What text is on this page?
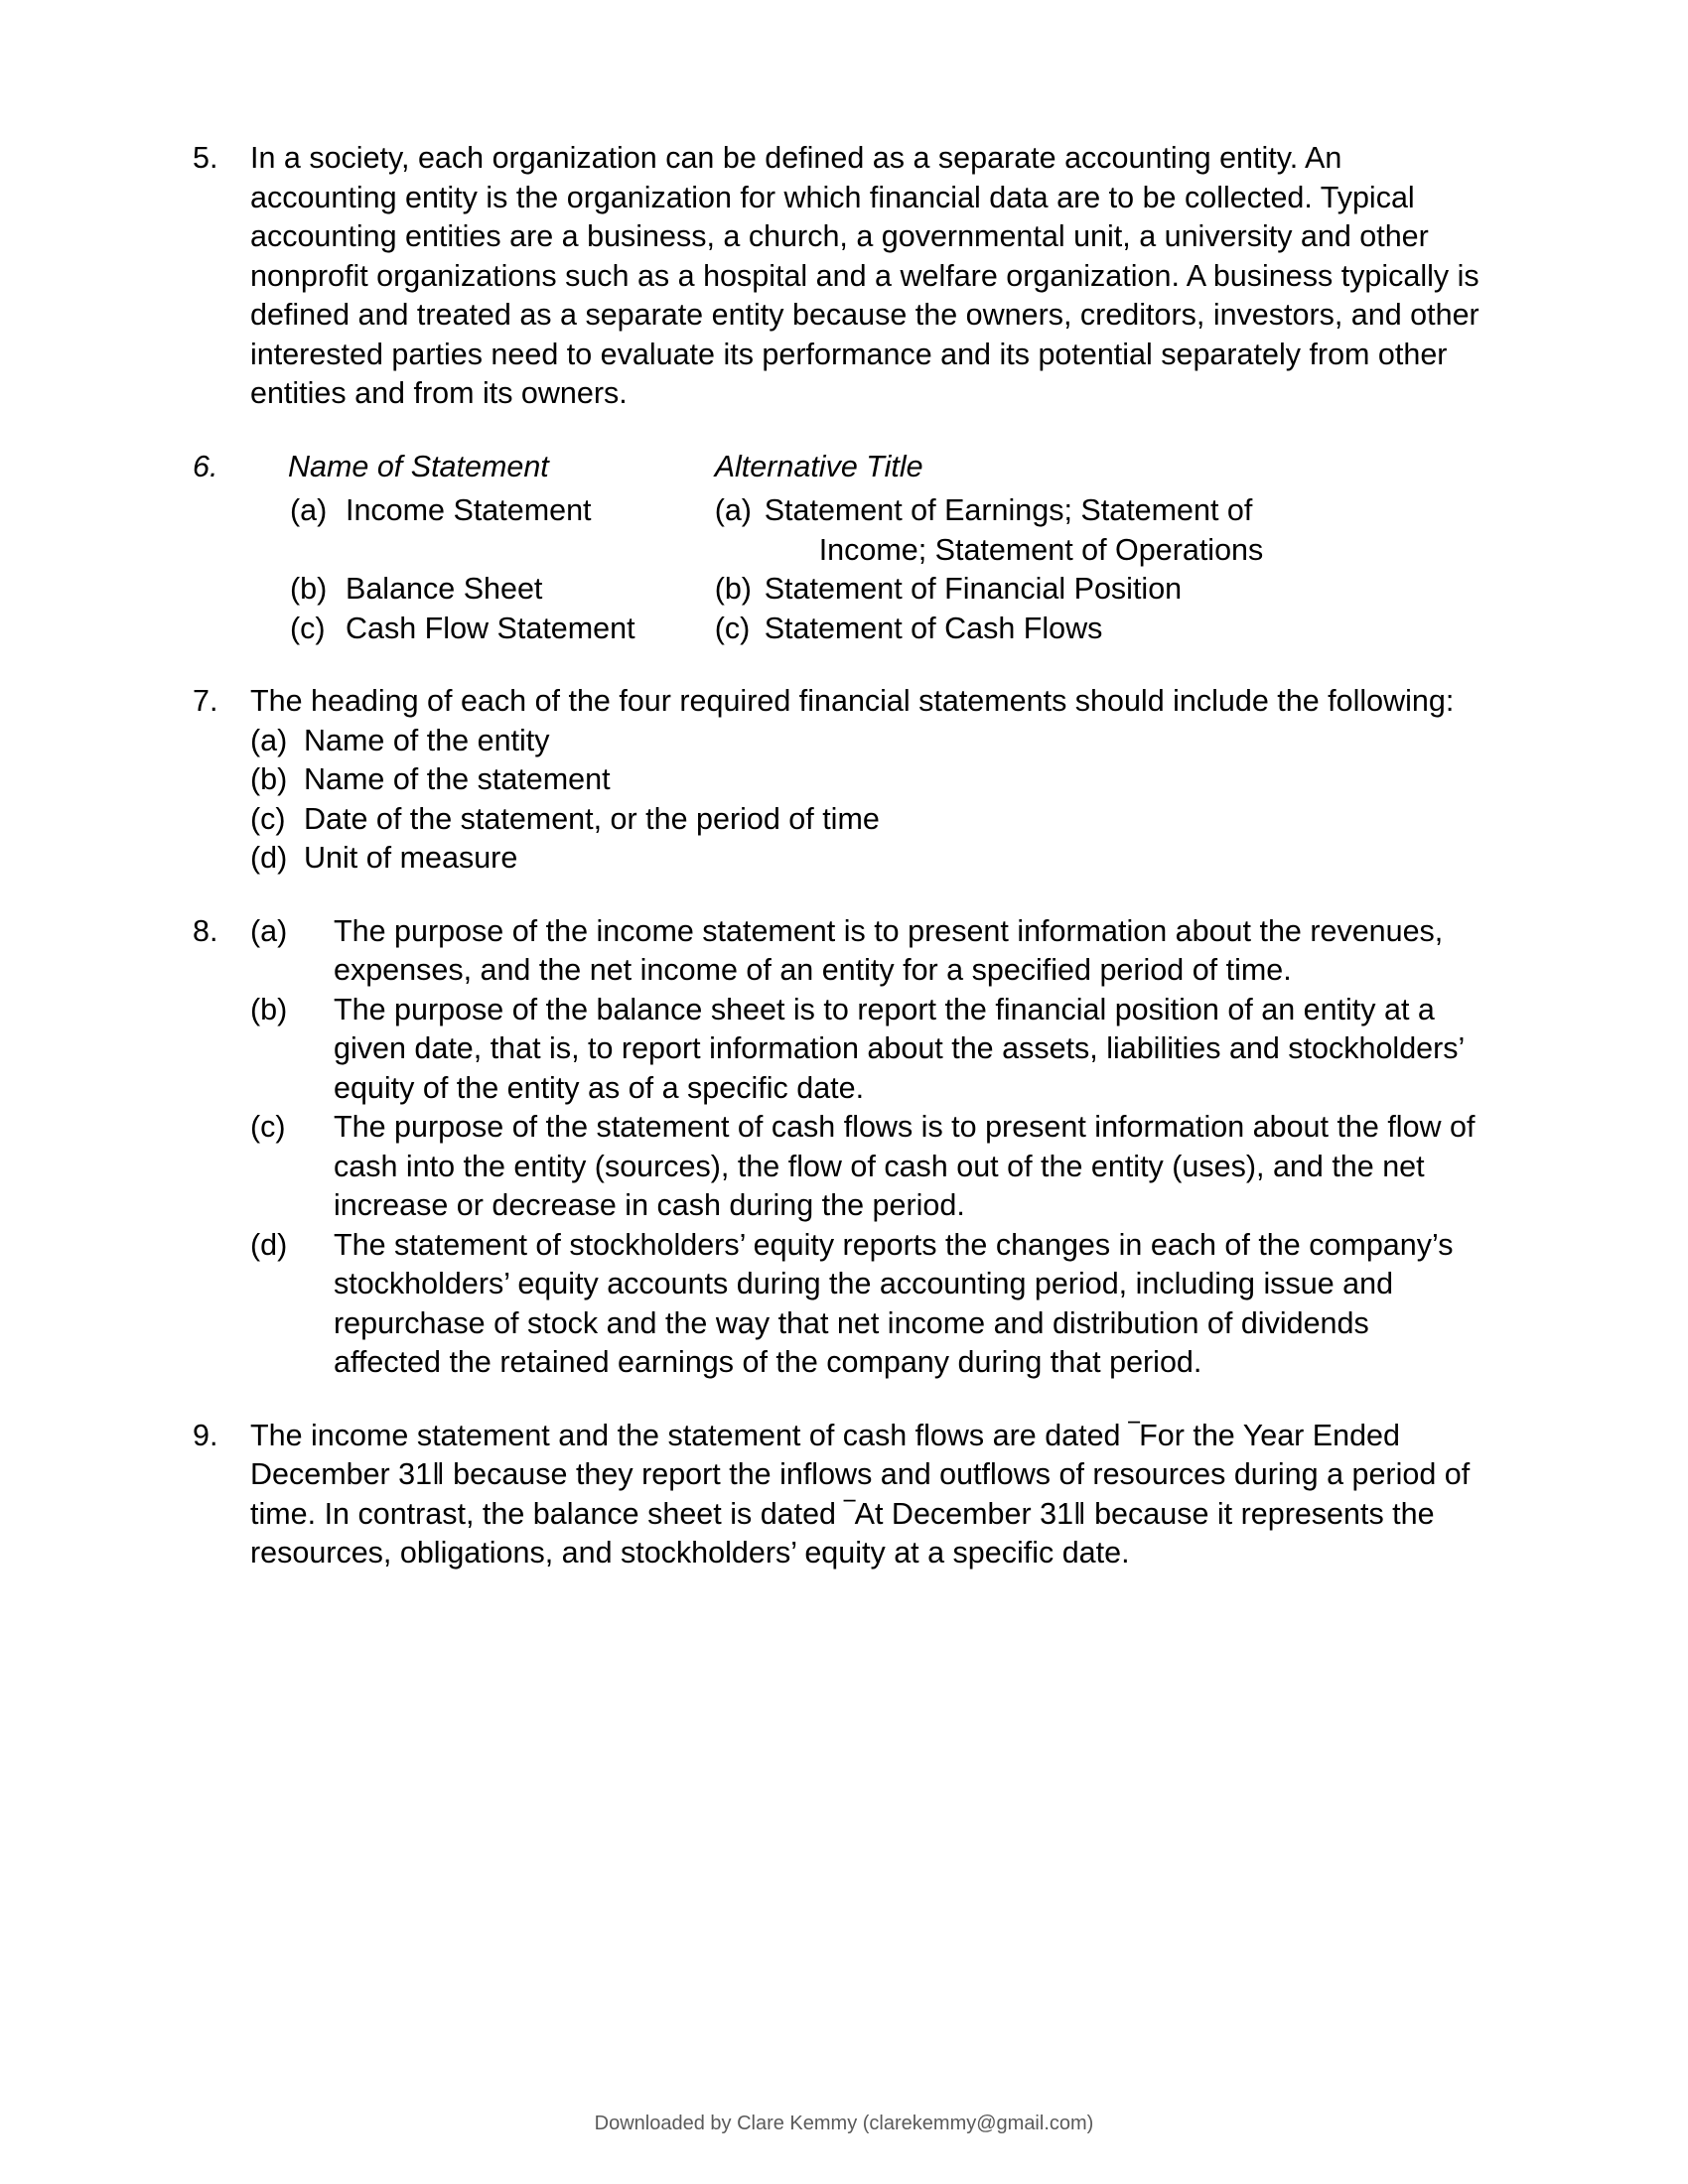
5.	In a society, each organization can be defined as a separate accounting entity. An accounting entity is the organization for which financial data are to be collected. Typical accounting entities are a business, a church, a governmental unit, a university and other nonprofit organizations such as a hospital and a welfare organization. A business typically is defined and treated as a separate entity because the owners, creditors, investors, and other interested parties need to evaluate its performance and its potential separately from other entities and from its owners.

6.	Name of Statement	Alternative Title
(a) Income Statement	(a) Statement of Earnings; Statement of
Income; Statement of Operations

(b) Balance Sheet	(b) Statement of Financial Position
(c) Cash Flow Statement	(c) Statement of Cash Flows
7.	The heading of each of the four required financial statements should include the following:

(a) Name of the entity
(b) Name of the statement
(c) Date of the statement, or the period of time
(d) Unit of measure
8.	(a)	The purpose of the income statement is to present information about the revenues, expenses, and the net income of an entity for a specified period of time.
(b)	The purpose of the balance sheet is to report the financial position of an entity at a given date, that is, to report information about the assets, liabilities and stockholders’ equity of the entity as of a specific date.
(c)	The purpose of the statement of cash flows is to present information about the flow of cash into the entity (sources), the flow of cash out of the entity (uses), and the net increase or decrease in cash during the period.
(d)	The statement of stockholders’ equity reports the changes in each of the company’s stockholders’ equity accounts during the accounting period, including issue and repurchase of stock and the way that net income and distribution of dividends affected the retained earnings of the company during that period.
9.	The income statement and the statement of cash flows are dated ‾For the Year Ended December 31‖ because they report the inflows and outflows of resources during a period of time. In contrast, the balance sheet is dated ‾At December 31‖ because it represents the resources, obligations, and stockholders’ equity at a specific date.

Downloaded by Clare Kemmy (clarekemmy@gmail.com)
